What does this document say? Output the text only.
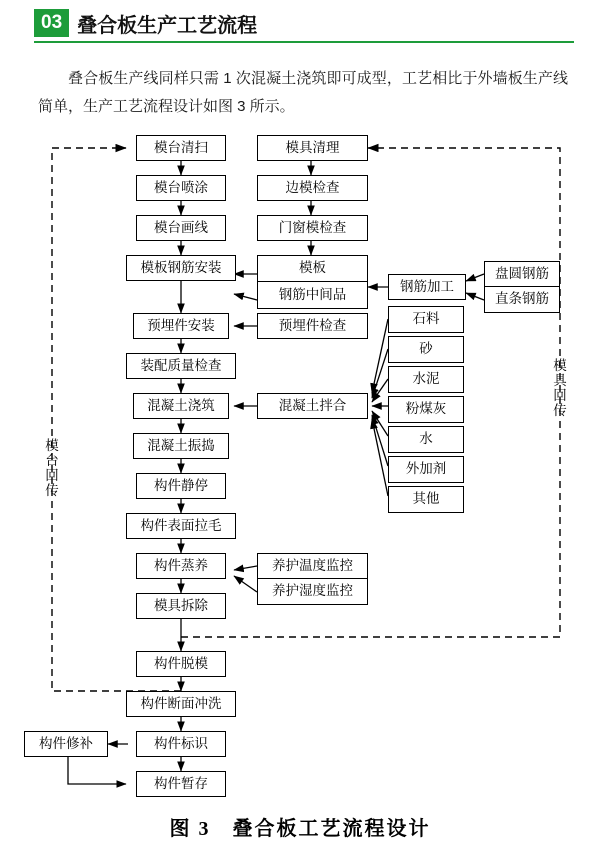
03 叠合板生产工艺流程

叠合板生产线同样只需 1 次混凝土浇筑即可成型，工艺相比于外墙板生产线简单，生产工艺流程设计如图 3 所示。

模台清扫
模台喷涂
模台画线
模板钢筋安装
预埋件安装
装配质量检查
混凝土浇筑
混凝土振捣
构件静停
构件表面拉毛
构件蒸养
模具拆除
构件脱模
构件断面冲洗
构件标识
构件暂存
构件修补
模具清理
边模检查
门窗模检查
模板
钢筋中间品
预埋件检查
混凝土拌合
养护温度监控
养护湿度监控
钢筋加工
盘圆钢筋
直条钢筋
石料
砂
水泥
粉煤灰
水
外加剂
其他
模台回传
模具回传
图 3　叠合板工艺流程设计
